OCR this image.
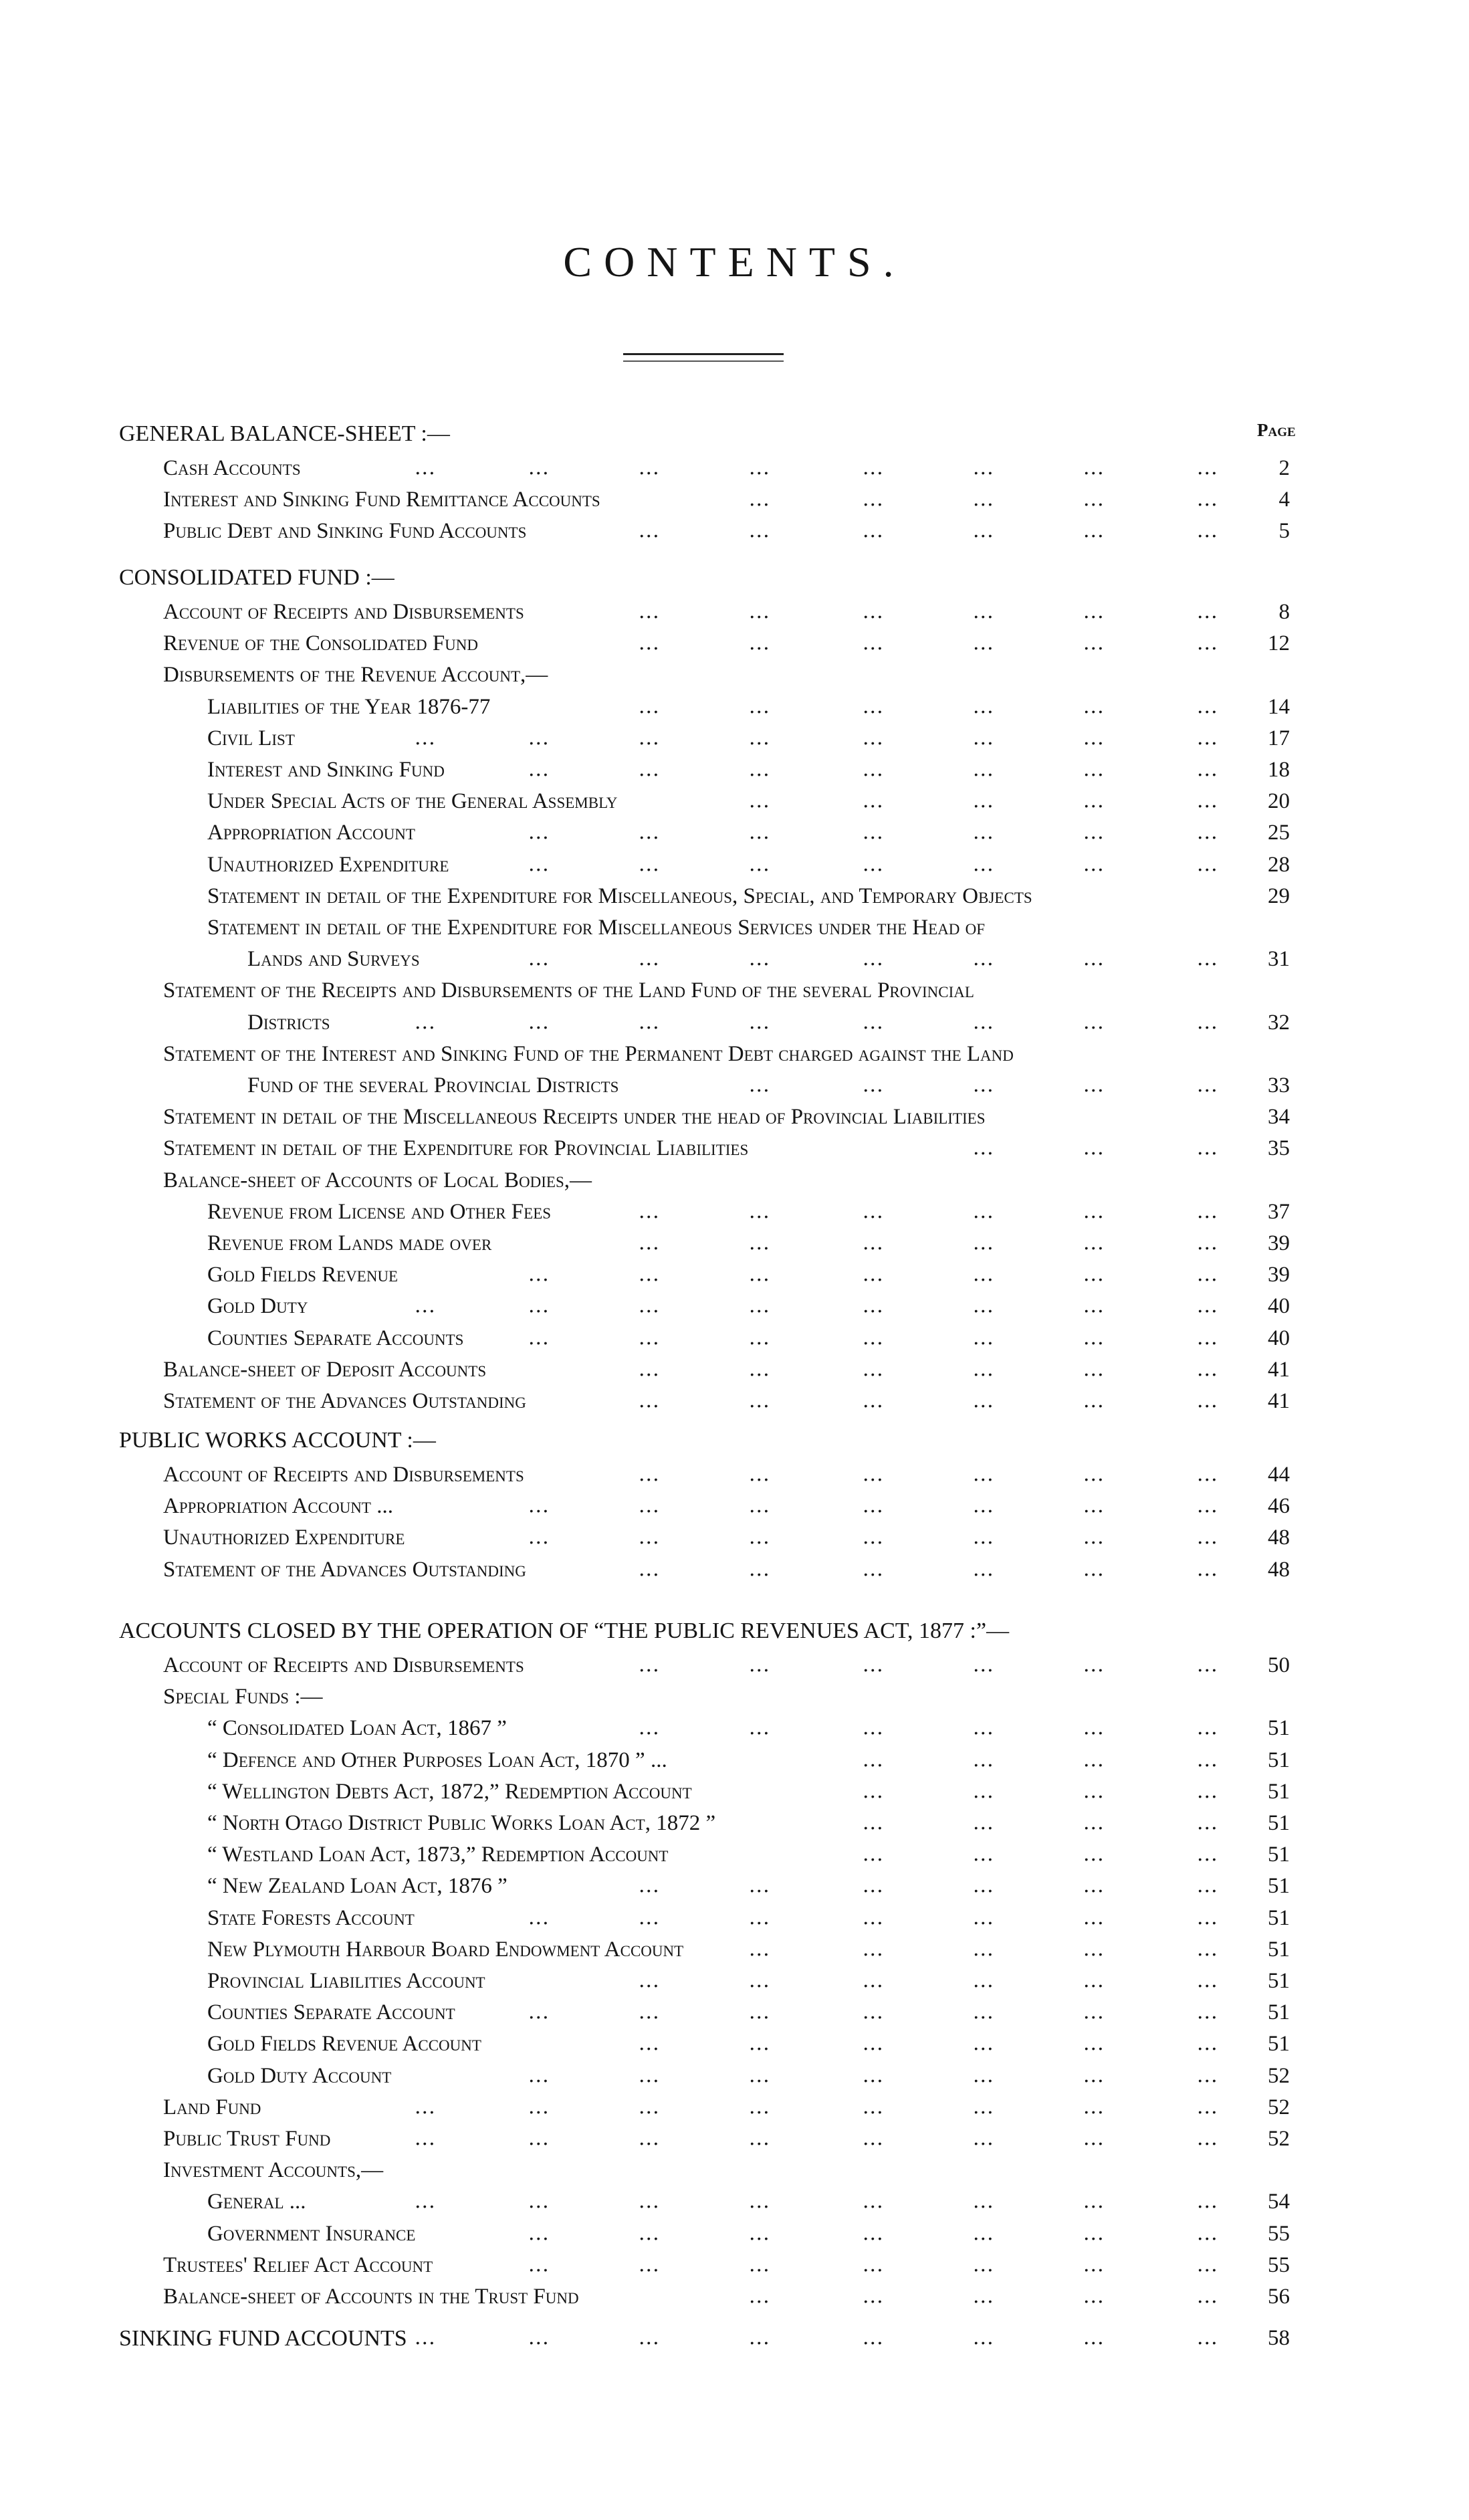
CONTENTS.
Page
GENERAL BALANCE-SHEET :—
Cash Accounts	...	...	...	...	...	...	...	...	2
Interest and Sinking Fund Remittance Accounts	...	...	...	...	...	4
Public Debt and Sinking Fund Accounts	...	...	...	...	...	...	5
CONSOLIDATED FUND :—
Account of Receipts and Disbursements	...	...	...	...	...	...	8
Revenue of the Consolidated Fund	...	...	...	...	...	... 12
Disbursements of the Revenue Account,—
Liabilities of the Year 1876-77	...	...	...	...	...	... 14
Civil List	...	...	...	...	...	...	...	... 17
Interest and Sinking Fund	...	...	...	...	...	...	... 18
Under Special Acts of the General Assembly	...	...	...	...	... 20
Appropriation Account	...	...	...	...	...	...	... 25
Unauthorized Expenditure	...	...	...	...	...	...	... 28
Statement in detail of the Expenditure for Miscellaneous, Special, and Temporary Objects	29
Statement in detail of the Expenditure for Miscellaneous Services under the Head of
Lands and Surveys	...	...	...	...	...	...	... 31
Statement of the Receipts and Disbursements of the Land Fund of the several Provincial
Districts	...	...	...	...	...	...	...	... 32
Statement of the Interest and Sinking Fund of the Permanent Debt charged against the Land
Fund of the several Provincial Districts	...	...	...	...	... 33
Statement in detail of the Miscellaneous Receipts under the head of Provincial Liabilities	34
Statement in detail of the Expenditure for Provincial Liabilities	...	...	... 35
Balance-sheet of Accounts of Local Bodies,—
Revenue from License and Other Fees	...	...	...	...	...	... 37
Revenue from Lands made over	...	...	...	...	...	... 39
Gold Fields Revenue	...	...	...	...	...	...	... 39
Gold Duty	...	...	...	...	...	...	...	... 40
Counties Separate Accounts	...	...	...	...	...	...	... 40
Balance-sheet of Deposit Accounts	...	...	...	...	...	... 41
Statement of the Advances Outstanding	...	...	...	...	...	... 41
PUBLIC WORKS ACCOUNT :—
Account of Receipts and Disbursements	...	...	...	...	...	... 44
Appropriation Account ...	...	...	...	...	...	...	... 46
Unauthorized Expenditure	...	...	...	...	...	...	... 48
Statement of the Advances Outstanding	...	...	...	...	...	... 48
ACCOUNTS CLOSED BY THE OPERATION OF “THE PUBLIC REVENUES ACT, 1877 :”—
Account of Receipts and Disbursements	...	...	...	...	...	... 50
Special Funds :—
“ Consolidated Loan Act, 1867 ”	...	...	...	...	...	... 51
“ Defence and Other Purposes Loan Act, 1870 ” ...	...	...	...	... 51
“ Wellington Debts Act, 1872,” Redemption Account	...	...	...	... 51
“ North Otago District Public Works Loan Act, 1872 ”	...	...	...	... 51
“ Westland Loan Act, 1873,” Redemption Account	...	...	...	... 51
“ New Zealand Loan Act, 1876 ”	...	...	...	...	...	... 51
State Forests Account	...	...	...	...	...	...	... 51
New Plymouth Harbour Board Endowment Account	...	...	...	...	... 51
Provincial Liabilities Account	...	...	...	...	...	... 51
Counties Separate Account	...	...	...	...	...	...	... 51
Gold Fields Revenue Account	...	...	...	...	...	... 51
Gold Duty Account	...	...	...	...	...	...	... 52
Land Fund	...	...	...	...	...	...	...	... 52
Public Trust Fund	...	...	...	...	...	...	...	... 52
Investment Accounts,—
General ...	...	...	...	...	...	...	...	... 54
Government Insurance	...	...	...	...	...	...	... 55
Trustees' Relief Act Account	...	...	...	...	...	...	... 55
Balance-sheet of Accounts in the Trust Fund	...	...	...	...	... 56
SINKING FUND ACCOUNTS ...	...	...	...	...	...	...	... 58
